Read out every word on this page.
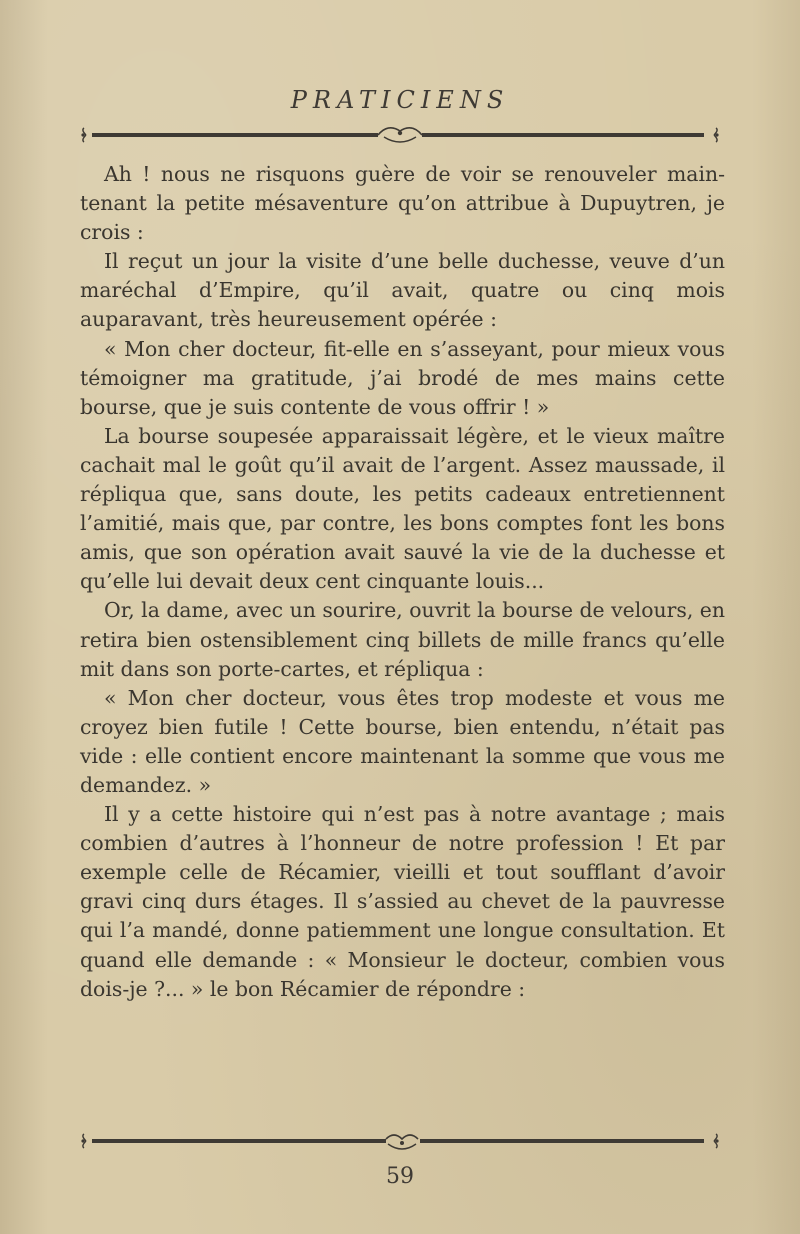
PRATICIENS

Ah ! nous ne risquons guère de voir se renouveler maintenant la petite mésaventure qu’on attribue à Dupuytren, je crois :

Il reçut un jour la visite d’une belle duchesse, veuve d’un maréchal d’Empire, qu’il avait, quatre ou cinq mois auparavant, très heureusement opérée :

« Mon cher docteur, fit-elle en s’asseyant, pour mieux vous témoigner ma gratitude, j’ai brodé de mes mains cette bourse, que je suis contente de vous offrir ! »

La bourse soupesée apparaissait légère, et le vieux maître cachait mal le goût qu’il avait de l’argent. Assez maussade, il répliqua que, sans doute, les petits cadeaux entretiennent l’amitié, mais que, par contre, les bons comptes font les bons amis, que son opération avait sauvé la vie de la duchesse et qu’elle lui devait deux cent cinquante louis...

Or, la dame, avec un sourire, ouvrit la bourse de velours, en retira bien ostensiblement cinq billets de mille francs qu’elle mit dans son porte-cartes, et répliqua :

« Mon cher docteur, vous êtes trop modeste et vous me croyez bien futile ! Cette bourse, bien entendu, n’était pas vide : elle contient encore maintenant la somme que vous me demandez. »

Il y a cette histoire qui n’est pas à notre avantage ; mais combien d’autres à l’honneur de notre profession ! Et par exemple celle de Récamier, vieilli et tout soufflant d’avoir gravi cinq durs étages. Il s’assied au chevet de la pauvresse qui l’a mandé, donne patiemment une longue consultation. Et quand elle demande : « Monsieur le docteur, combien vous dois-je ?... » le bon Récamier de répondre :

59
